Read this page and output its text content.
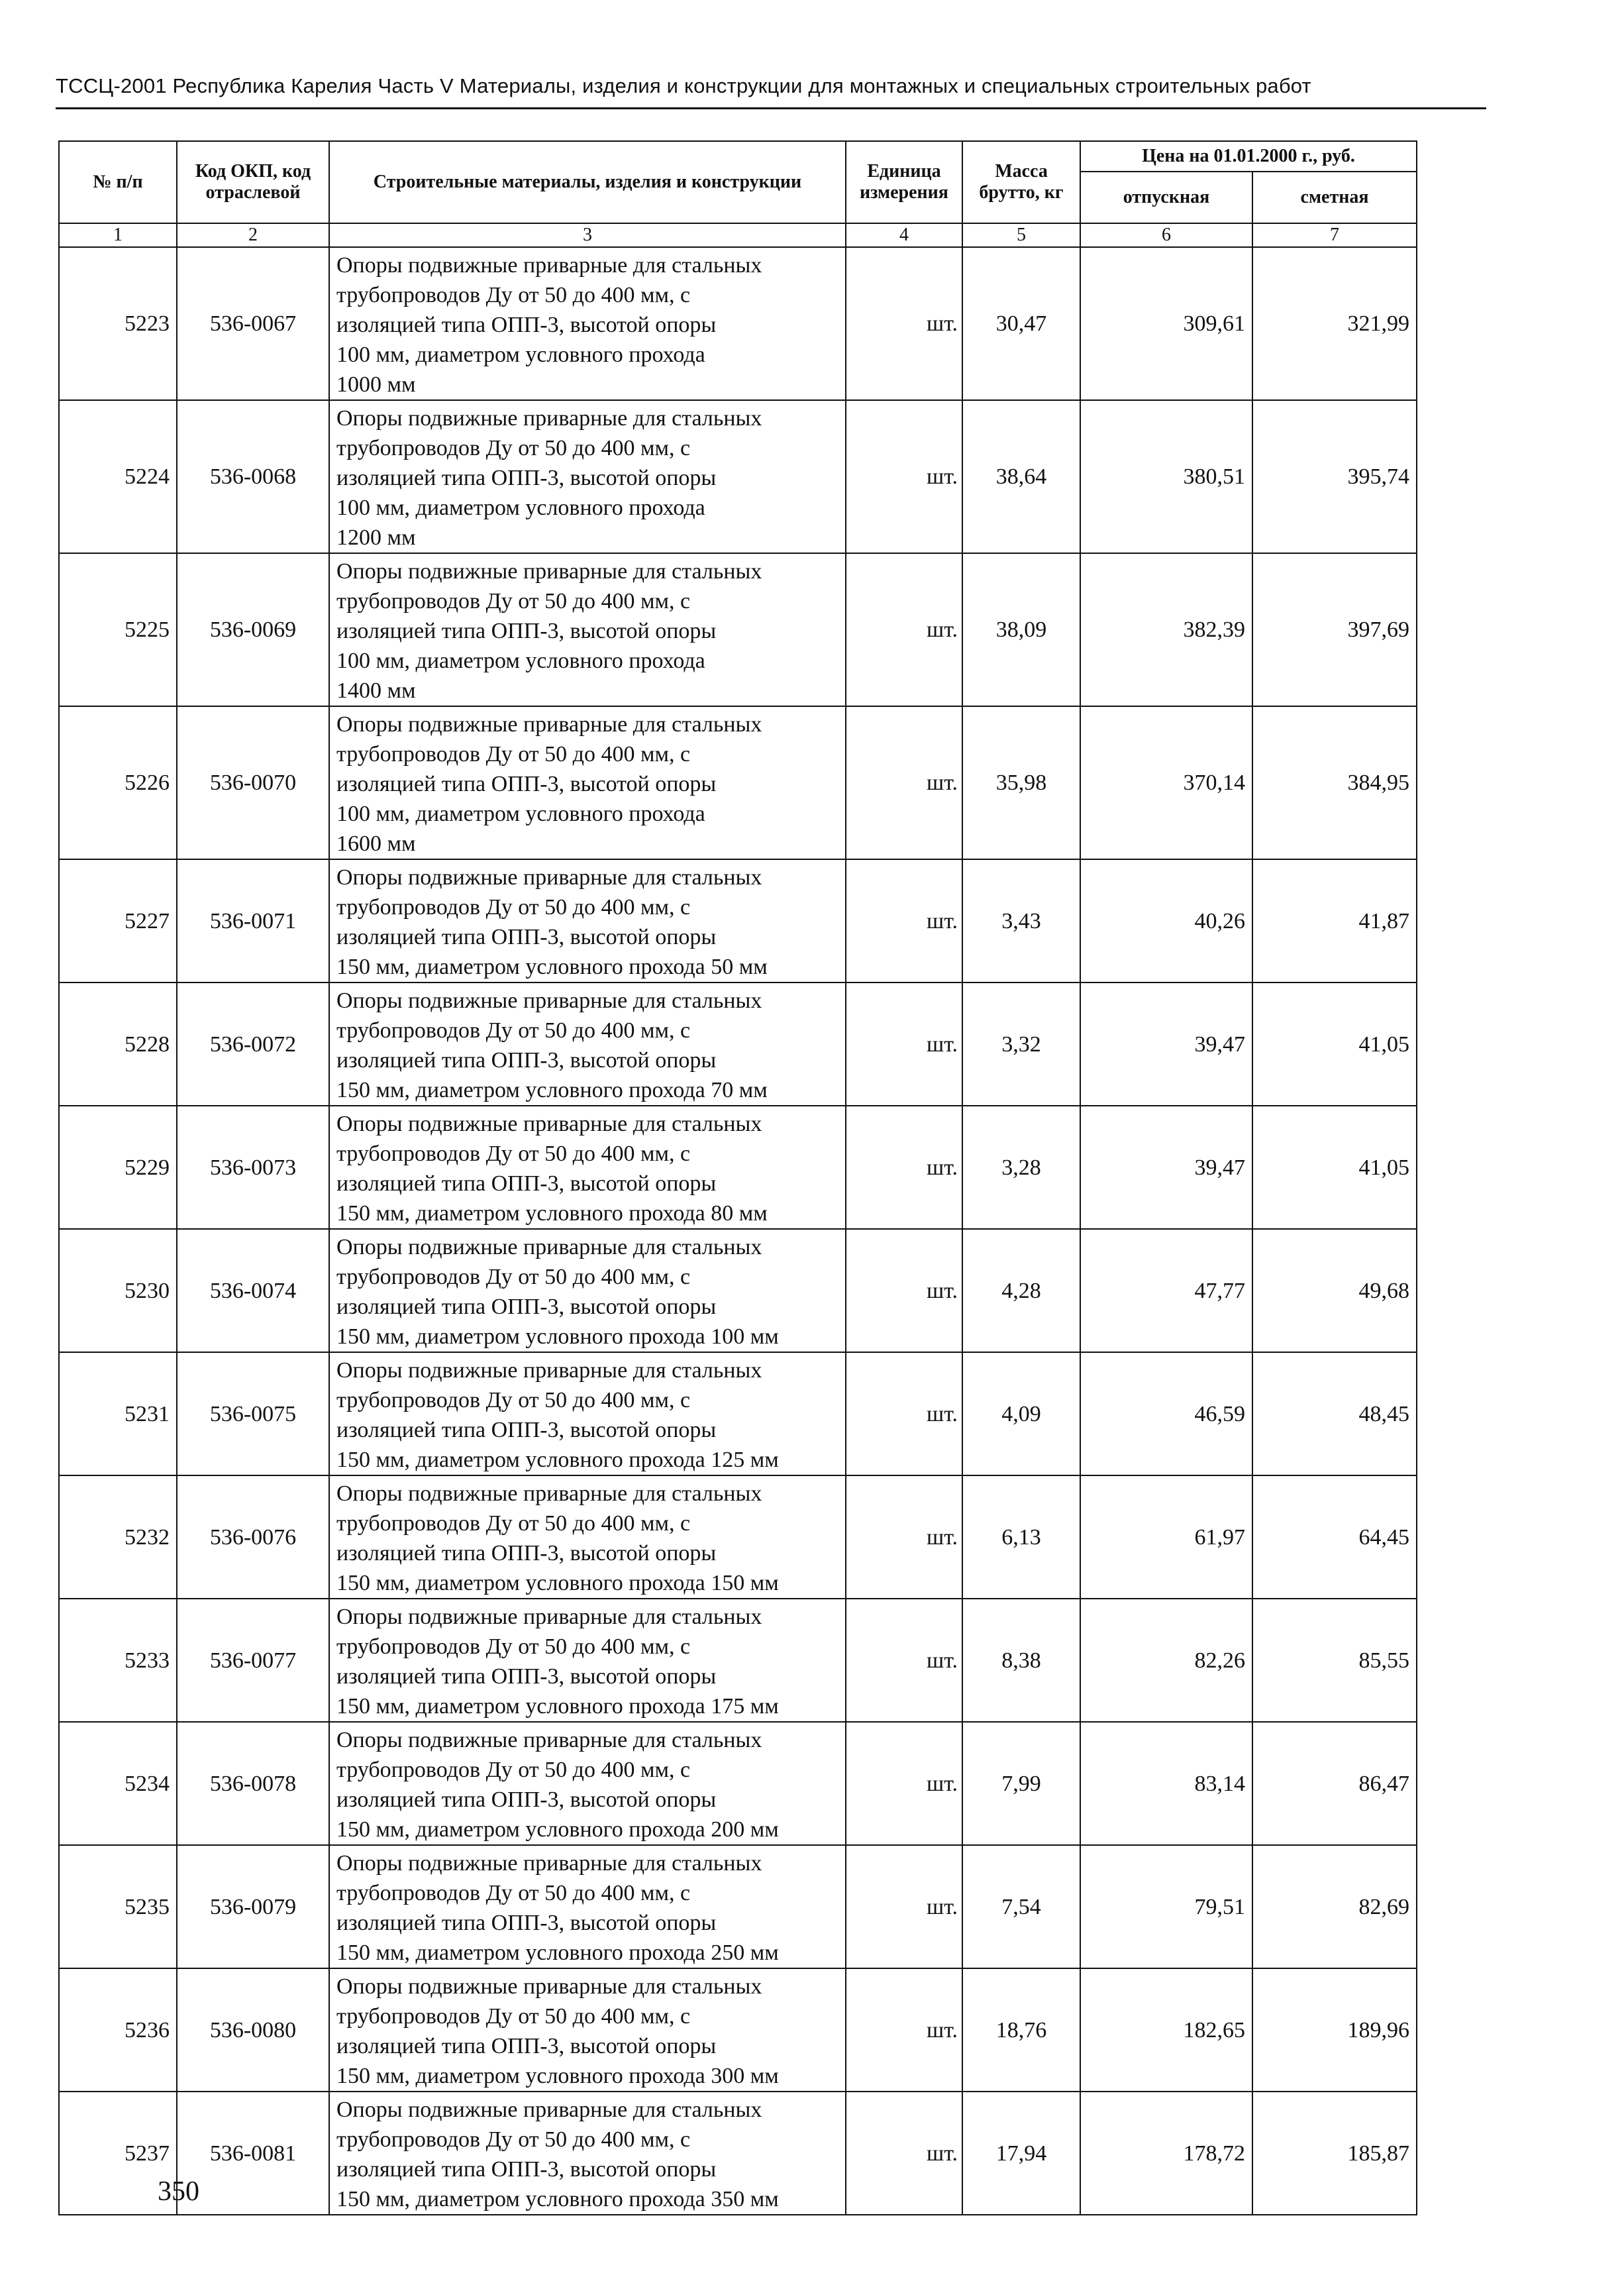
ТССЦ-2001 Республика Карелия Часть V Материалы, изделия и конструкции для монтажных и специальных строительных работ
№ п/п	Код ОКП, код отраслевой	Строительные материалы, изделия и конструкции	Единица измерения	Масса брутто, кг	Цена на 01.01.2000 г., руб.	
					отпускная	сметная
1	2	3	4	5	6	7
5223	536-0067	Опоры подвижные приварные для стальных
трубопроводов Ду от 50 до 400 мм, с
изоляцией типа ОПП-3, высотой опоры
100 мм, диаметром условного прохода
1000 мм	шт.	30,47	309,61	321,99
5224	536-0068	Опоры подвижные приварные для стальных
трубопроводов Ду от 50 до 400 мм, с
изоляцией типа ОПП-3, высотой опоры
100 мм, диаметром условного прохода
1200 мм	шт.	38,64	380,51	395,74
5225	536-0069	Опоры подвижные приварные для стальных
трубопроводов Ду от 50 до 400 мм, с
изоляцией типа ОПП-3, высотой опоры
100 мм, диаметром условного прохода
1400 мм	шт.	38,09	382,39	397,69
5226	536-0070	Опоры подвижные приварные для стальных
трубопроводов Ду от 50 до 400 мм, с
изоляцией типа ОПП-3, высотой опоры
100 мм, диаметром условного прохода
1600 мм	шт.	35,98	370,14	384,95
5227	536-0071	Опоры подвижные приварные для стальных
трубопроводов Ду от 50 до 400 мм, с
изоляцией типа ОПП-3, высотой опоры
150 мм, диаметром условного прохода 50 мм	шт.	3,43	40,26	41,87
5228	536-0072	Опоры подвижные приварные для стальных
трубопроводов Ду от 50 до 400 мм, с
изоляцией типа ОПП-3, высотой опоры
150 мм, диаметром условного прохода 70 мм	шт.	3,32	39,47	41,05
5229	536-0073	Опоры подвижные приварные для стальных
трубопроводов Ду от 50 до 400 мм, с
изоляцией типа ОПП-3, высотой опоры
150 мм, диаметром условного прохода 80 мм	шт.	3,28	39,47	41,05
5230	536-0074	Опоры подвижные приварные для стальных
трубопроводов Ду от 50 до 400 мм, с
изоляцией типа ОПП-3, высотой опоры
150 мм, диаметром условного прохода 100 мм	шт.	4,28	47,77	49,68
5231	536-0075	Опоры подвижные приварные для стальных
трубопроводов Ду от 50 до 400 мм, с
изоляцией типа ОПП-3, высотой опоры
150 мм, диаметром условного прохода 125 мм	шт.	4,09	46,59	48,45
5232	536-0076	Опоры подвижные приварные для стальных
трубопроводов Ду от 50 до 400 мм, с
изоляцией типа ОПП-3, высотой опоры
150 мм, диаметром условного прохода 150 мм	шт.	6,13	61,97	64,45
5233	536-0077	Опоры подвижные приварные для стальных
трубопроводов Ду от 50 до 400 мм, с
изоляцией типа ОПП-3, высотой опоры
150 мм, диаметром условного прохода 175 мм	шт.	8,38	82,26	85,55
5234	536-0078	Опоры подвижные приварные для стальных
трубопроводов Ду от 50 до 400 мм, с
изоляцией типа ОПП-3, высотой опоры
150 мм, диаметром условного прохода 200 мм	шт.	7,99	83,14	86,47
5235	536-0079	Опоры подвижные приварные для стальных
трубопроводов Ду от 50 до 400 мм, с
изоляцией типа ОПП-3, высотой опоры
150 мм, диаметром условного прохода 250 мм	шт.	7,54	79,51	82,69
5236	536-0080	Опоры подвижные приварные для стальных
трубопроводов Ду от 50 до 400 мм, с
изоляцией типа ОПП-3, высотой опоры
150 мм, диаметром условного прохода 300 мм	шт.	18,76	182,65	189,96
5237	536-0081	Опоры подвижные приварные для стальных
трубопроводов Ду от 50 до 400 мм, с
изоляцией типа ОПП-3, высотой опоры
150 мм, диаметром условного прохода 350 мм	шт.	17,94	178,72	185,87
350
